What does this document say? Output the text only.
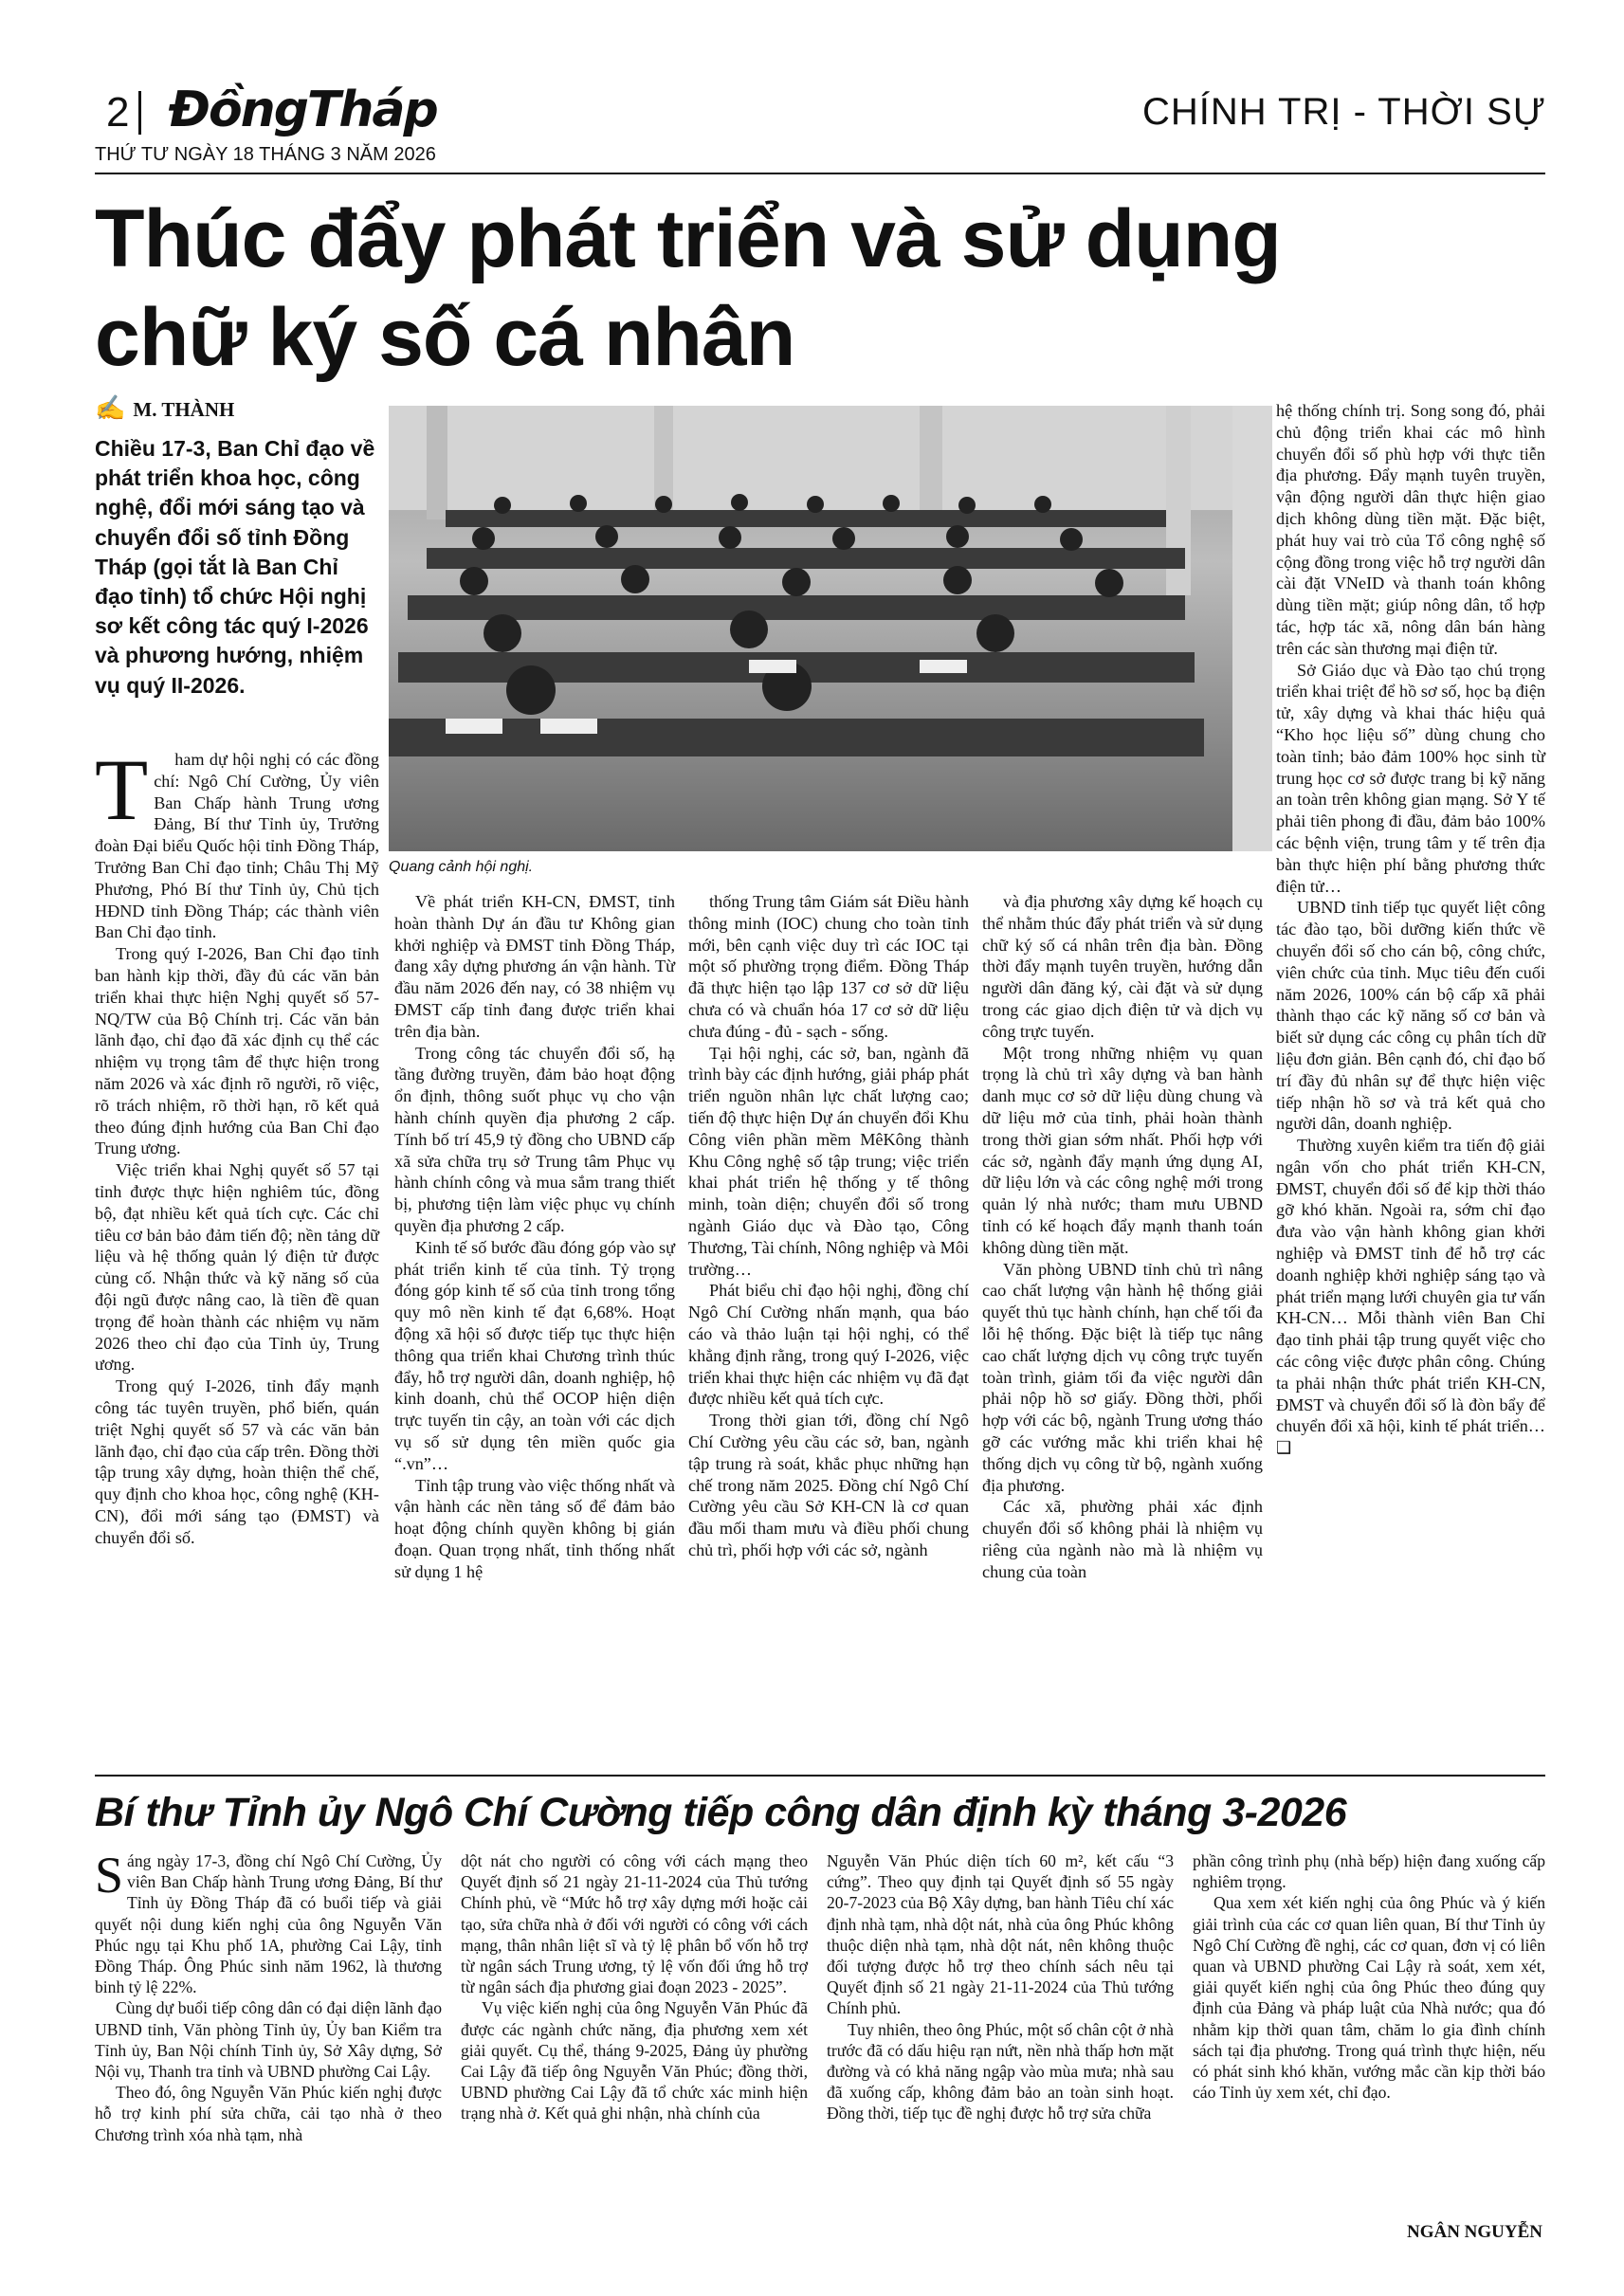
2 ĐồngTháp	CHÍNH TRỊ - THỜI SỰ
THỨ TƯ NGÀY 18 THÁNG 3 NĂM 2026
Thúc đẩy phát triển và sử dụng chữ ký số cá nhân
✍ M. THÀNH
Chiều 17-3, Ban Chỉ đạo về phát triển khoa học, công nghệ, đổi mới sáng tạo và chuyển đổi số tỉnh Đồng Tháp (gọi tắt là Ban Chỉ đạo tỉnh) tổ chức Hội nghị sơ kết công tác quý I-2026 và phương hướng, nhiệm vụ quý II-2026.
Quang cảnh hội nghị.
T	ham dự hội nghị có các đồng chí: Ngô Chí Cường, Ủy viên Ban Chấp hành Trung ương Đảng, Bí thư Tỉnh ủy, Trưởng đoàn Đại biểu Quốc hội tỉnh Đồng Tháp, Trưởng Ban Chỉ đạo tỉnh; Châu Thị Mỹ Phương, Phó Bí thư Tỉnh ủy, Chủ tịch HĐND tỉnh Đồng Tháp; các thành viên Ban Chỉ đạo tỉnh.

Trong quý I-2026, Ban Chỉ đạo tỉnh ban hành kịp thời, đầy đủ các văn bản triển khai thực hiện Nghị quyết số 57-NQ/TW của Bộ Chính trị. Các văn bản lãnh đạo, chỉ đạo đã xác định cụ thể các nhiệm vụ trọng tâm để thực hiện trong năm 2026 và xác định rõ người, rõ việc, rõ trách nhiệm, rõ thời hạn, rõ kết quả theo đúng định hướng của Ban Chỉ đạo Trung ương.

Việc triển khai Nghị quyết số 57 tại tỉnh được thực hiện nghiêm túc, đồng bộ, đạt nhiều kết quả tích cực. Các chỉ tiêu cơ bản bảo đảm tiến độ; nền tảng dữ liệu và hệ thống quản lý điện tử được củng cố. Nhận thức và kỹ năng số của đội ngũ được nâng cao, là tiền đề quan trọng để hoàn thành các nhiệm vụ năm 2026 theo chỉ đạo của Tỉnh ủy, Trung ương.

Trong quý I-2026, tỉnh đẩy mạnh công tác tuyên truyền, phổ biến, quán triệt Nghị quyết số 57 và các văn bản lãnh đạo, chỉ đạo của cấp trên. Đồng thời tập trung xây dựng, hoàn thiện thể chế, quy định cho khoa học, công nghệ (KH-CN), đổi mới sáng tạo (ĐMST) và chuyển đổi số.

Về phát triển KH-CN, ĐMST, tỉnh hoàn thành Dự án đầu tư Không gian khởi nghiệp và ĐMST tỉnh Đồng Tháp, đang xây dựng phương án vận hành. Từ đầu năm 2026 đến nay, có 38 nhiệm vụ ĐMST cấp tỉnh đang được triển khai trên địa bàn.

Trong công tác chuyển đổi số, hạ tầng đường truyền, đảm bảo hoạt động ổn định, thông suốt phục vụ cho vận hành chính quyền địa phương 2 cấp. Tính bố trí 45,9 tỷ đồng cho UBND cấp xã sửa chữa trụ sở Trung tâm Phục vụ hành chính công và mua sắm trang thiết bị, phương tiện làm việc phục vụ chính quyền địa phương 2 cấp.

Kinh tế số bước đầu đóng góp vào sự phát triển kinh tế của tỉnh. Tỷ trọng đóng góp kinh tế số của tỉnh trong tổng quy mô nền kinh tế đạt 6,68%. Hoạt động xã hội số được tiếp tục thực hiện thông qua triển khai Chương trình thúc đẩy, hỗ trợ người dân, doanh nghiệp, hộ kinh doanh, chủ thể OCOP hiện diện trực tuyến tin cậy, an toàn với các dịch vụ số sử dụng tên miền quốc gia “.vn”…

Tỉnh tập trung vào việc thống nhất và vận hành các nền tảng số để đảm bảo hoạt động chính quyền không bị gián đoạn. Quan trọng nhất, tỉnh thống nhất sử dụng 1 hệ

thống Trung tâm Giám sát Điều hành thông minh (IOC) chung cho toàn tỉnh mới, bên cạnh việc duy trì các IOC tại một số phường trọng điểm. Đồng Tháp đã thực hiện tạo lập 137 cơ sở dữ liệu chưa có và chuẩn hóa 17 cơ sở dữ liệu chưa đúng - đủ - sạch - sống.

Tại hội nghị, các sở, ban, ngành đã trình bày các định hướng, giải pháp phát triển nguồn nhân lực chất lượng cao; tiến độ thực hiện Dự án chuyển đổi Khu Công viên phần mềm MêKông thành Khu Công nghệ số tập trung; việc triển khai phát triển hệ thống y tế thông minh, toàn diện; chuyển đổi số trong ngành Giáo dục và Đào tạo, Công Thương, Tài chính, Nông nghiệp và Môi trường…

Phát biểu chỉ đạo hội nghị, đồng chí Ngô Chí Cường nhấn mạnh, qua báo cáo và thảo luận tại hội nghị, có thể khẳng định rằng, trong quý I-2026, việc triển khai thực hiện các nhiệm vụ đã đạt được nhiều kết quả tích cực.

Trong thời gian tới, đồng chí Ngô Chí Cường yêu cầu các sở, ban, ngành tập trung rà soát, khắc phục những hạn chế trong năm 2025. Đồng chí Ngô Chí Cường yêu cầu Sở KH-CN là cơ quan đầu mối tham mưu và điều phối chung chủ trì, phối hợp với các sở, ngành

và địa phương xây dựng kế hoạch cụ thể nhằm thúc đẩy phát triển và sử dụng chữ ký số cá nhân trên địa bàn. Đồng thời đẩy mạnh tuyên truyền, hướng dẫn người dân đăng ký, cài đặt và sử dụng trong các giao dịch điện tử và dịch vụ công trực tuyến.

Một trong những nhiệm vụ quan trọng là chủ trì xây dựng và ban hành danh mục cơ sở dữ liệu dùng chung và dữ liệu mở của tỉnh, phải hoàn thành trong thời gian sớm nhất. Phối hợp với các sở, ngành đẩy mạnh ứng dụng AI, dữ liệu lớn và các công nghệ mới trong quản lý nhà nước; tham mưu UBND tỉnh có kế hoạch đẩy mạnh thanh toán không dùng tiền mặt.

Văn phòng UBND tỉnh chủ trì nâng cao chất lượng vận hành hệ thống giải quyết thủ tục hành chính, hạn chế tối đa lỗi hệ thống. Đặc biệt là tiếp tục nâng cao chất lượng dịch vụ công trực tuyến toàn trình, giảm tối đa việc người dân phải nộp hồ sơ giấy. Đồng thời, phối hợp với các bộ, ngành Trung ương tháo gỡ các vướng mắc khi triển khai hệ thống dịch vụ công từ bộ, ngành xuống địa phương.

Các xã, phường phải xác định chuyển đổi số không phải là nhiệm vụ riêng của ngành nào mà là nhiệm vụ chung của toàn

hệ thống chính trị. Song song đó, phải chủ động triển khai các mô hình chuyển đổi số phù hợp với thực tiễn địa phương. Đẩy mạnh tuyên truyền, vận động người dân thực hiện giao dịch không dùng tiền mặt. Đặc biệt, phát huy vai trò của Tổ công nghệ số cộng đồng trong việc hỗ trợ người dân cài đặt VNeID và thanh toán không dùng tiền mặt; giúp nông dân, tổ hợp tác, hợp tác xã, nông dân bán hàng trên các sàn thương mại điện tử.

Sở Giáo dục và Đào tạo chú trọng triển khai triệt để hồ sơ số, học bạ điện tử, xây dựng và khai thác hiệu quả “Kho học liệu số” dùng chung cho toàn tỉnh; bảo đảm 100% học sinh từ trung học cơ sở được trang bị kỹ năng an toàn trên không gian mạng. Sở Y tế phải tiên phong đi đầu, đảm bảo 100% các bệnh viện, trung tâm y tế trên địa bàn thực hiện phí bằng phương thức điện tử…

UBND tỉnh tiếp tục quyết liệt công tác đào tạo, bồi dưỡng kiến thức về chuyển đổi số cho cán bộ, công chức, viên chức của tỉnh. Mục tiêu đến cuối năm 2026, 100% cán bộ cấp xã phải thành thạo các kỹ năng số cơ bản và biết sử dụng các công cụ phân tích dữ liệu đơn giản. Bên cạnh đó, chỉ đạo bố trí đầy đủ nhân sự để thực hiện việc tiếp nhận hồ sơ và trả kết quả cho người dân, doanh nghiệp.

Thường xuyên kiểm tra tiến độ giải ngân vốn cho phát triển KH-CN, ĐMST, chuyển đổi số để kịp thời tháo gỡ khó khăn. Ngoài ra, sớm chỉ đạo đưa vào vận hành không gian khởi nghiệp và ĐMST tỉnh để hỗ trợ các doanh nghiệp khởi nghiệp sáng tạo và phát triển mạng lưới chuyên gia tư vấn KH-CN… Mỗi thành viên Ban Chỉ đạo tỉnh phải tập trung quyết việc cho các công việc được phân công. Chúng ta phải nhận thức phát triển KH-CN, ĐMST và chuyển đổi số là đòn bẩy để chuyển đổi xã hội, kinh tế phát triển…❑

Bí thư Tỉnh ủy Ngô Chí Cường tiếp công dân định kỳ tháng 3-2026
S áng ngày 17-3, đồng chí Ngô Chí Cường, Ủy viên Ban Chấp hành Trung ương Đảng, Bí thư Tỉnh ủy Đồng Tháp đã có buổi tiếp và giải quyết nội dung kiến nghị của ông Nguyễn Văn Phúc ngụ tại Khu phố 1A, phường Cai Lậy, tỉnh Đồng Tháp. Ông Phúc sinh năm 1962, là thương binh tỷ lệ 22%.

Cùng dự buổi tiếp công dân có đại diện lãnh đạo UBND tỉnh, Văn phòng Tỉnh ủy, Ủy ban Kiểm tra Tỉnh ủy, Ban Nội chính Tỉnh ủy, Sở Xây dựng, Sở Nội vụ, Thanh tra tỉnh và UBND phường Cai Lậy.

Theo đó, ông Nguyễn Văn Phúc kiến nghị được hỗ trợ kinh phí sửa chữa, cải tạo nhà ở theo Chương trình xóa nhà tạm, nhà

dột nát cho người có công với cách mạng theo Quyết định số 21 ngày 21-11-2024 của Thủ tướng Chính phủ, về “Mức hỗ trợ xây dựng mới hoặc cải tạo, sửa chữa nhà ở đối với người có công với cách mạng, thân nhân liệt sĩ và tỷ lệ phân bổ vốn hỗ trợ từ ngân sách Trung ương, tỷ lệ vốn đối ứng hỗ trợ từ ngân sách địa phương giai đoạn 2023 - 2025”.

Vụ việc kiến nghị của ông Nguyễn Văn Phúc đã được các ngành chức năng, địa phương xem xét giải quyết. Cụ thể, tháng 9-2025, Đảng ủy phường Cai Lậy đã tiếp ông Nguyễn Văn Phúc; đồng thời, UBND phường Cai Lậy đã tổ chức xác minh hiện trạng nhà ở. Kết quả ghi nhận, nhà chính của

Nguyễn Văn Phúc diện tích 60 m², kết cấu “3 cứng”. Theo quy định tại Quyết định số 55 ngày 20-7-2023 của Bộ Xây dựng, ban hành Tiêu chí xác định nhà tạm, nhà dột nát, nhà của ông Phúc không thuộc diện nhà tạm, nhà dột nát, nên không thuộc đối tượng được hỗ trợ theo chính sách nêu tại Quyết định số 21 ngày 21-11-2024 của Thủ tướng Chính phủ.

Tuy nhiên, theo ông Phúc, một số chân cột ở nhà trước đã có dấu hiệu rạn nứt, nền nhà thấp hơn mặt đường và có khả năng ngập vào mùa mưa; nhà sau đã xuống cấp, không đảm bảo an toàn sinh hoạt. Đồng thời, tiếp tục đề nghị được hỗ trợ sửa chữa

phần công trình phụ (nhà bếp) hiện đang xuống cấp nghiêm trọng.

Qua xem xét kiến nghị của ông Phúc và ý kiến giải trình của các cơ quan liên quan, Bí thư Tỉnh ủy Ngô Chí Cường đề nghị, các cơ quan, đơn vị có liên quan và UBND phường Cai Lậy rà soát, xem xét, giải quyết kiến nghị của ông Phúc theo đúng quy định của Đảng và pháp luật của Nhà nước; qua đó nhằm kịp thời quan tâm, chăm lo gia đình chính sách tại địa phương. Trong quá trình thực hiện, nếu có phát sinh khó khăn, vướng mắc cần kịp thời báo cáo Tỉnh ủy xem xét, chỉ đạo.

NGÂN NGUYỄN
